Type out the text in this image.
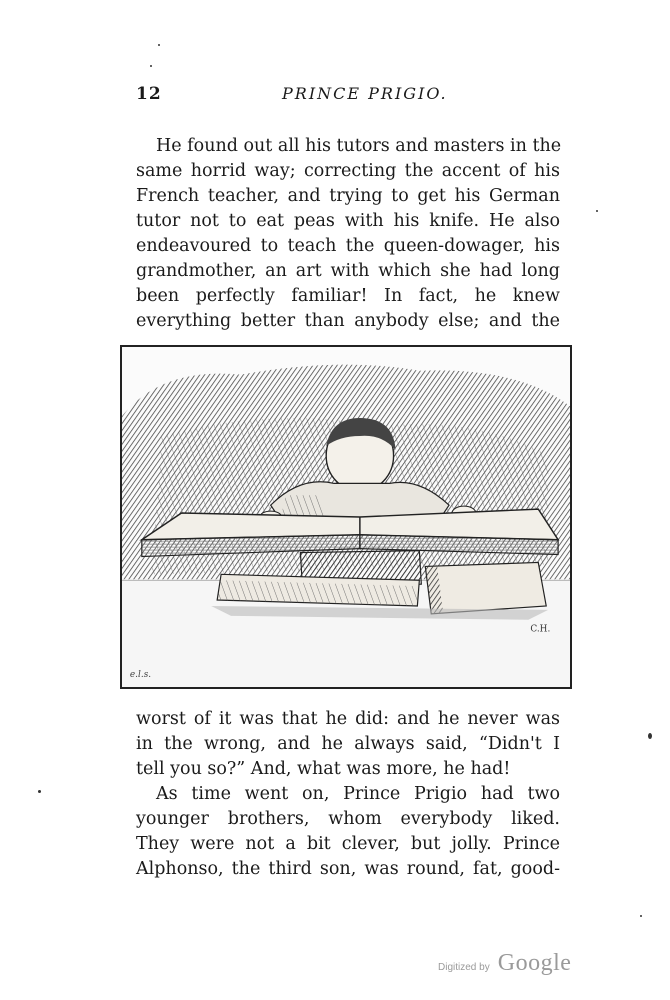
12	PRINCE PRIGIO.
He found out all his tutors and masters in the
same horrid way; correcting the accent of his
French teacher, and trying to get his German
tutor not to eat peas with his knife. He also
endeavoured to teach the queen-dowager, his
grandmother, an art with which she had long
been perfectly familiar! In fact, he knew
everything better than anybody else; and the
C.H.
e.l.s.
worst of it was that he did: and he never was
in the wrong, and he always said, “Didn't I
tell you so?” And, what was more, he had!
As time went on, Prince Prigio had two
younger brothers, whom everybody liked.
They were not a bit clever, but jolly. Prince
Alphonso, the third son, was round, fat, good-
Digitized by Google
